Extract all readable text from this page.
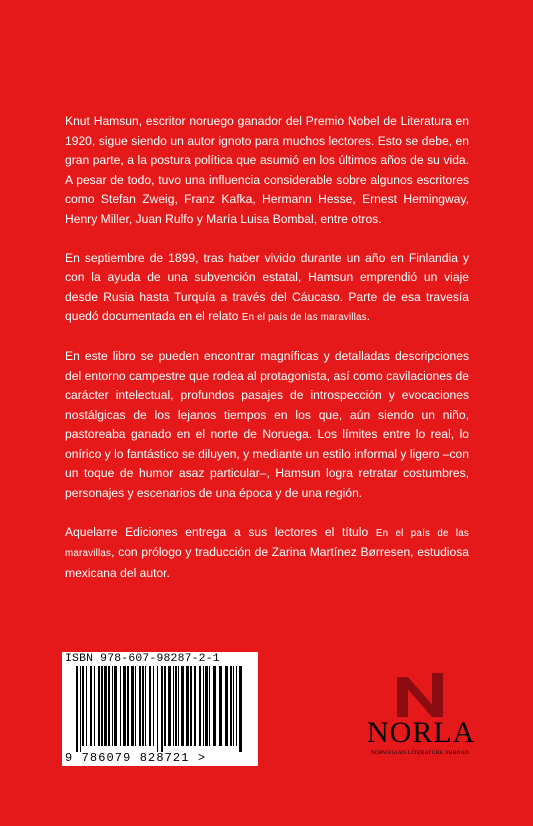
Knut Hamsun, escritor noruego ganador del Premio Nobel de Literatura en 1920, sigue siendo un autor ignoto para muchos lectores. Esto se debe, en gran parte, a la postura política que asumió en los últimos años de su vida. A pesar de todo, tuvo una influencia considerable sobre algunos escritores como Stefan Zweig, Franz Kafka, Hermann Hesse, Ernest Hemingway, Henry Miller, Juan Rulfo y María Luisa Bombal, entre otros.

En septiembre de 1899, tras haber vivido durante un año en Finlandia y con la ayuda de una subvención estatal, Hamsun emprendió un viaje desde Rusia hasta Turquía a través del Cáucaso. Parte de esa travesía quedó documentada en el relato En el país de las maravillas.

En este libro se pueden encontrar magníficas y detalladas descripciones del entorno campestre que rodea al protagonista, así como cavilaciones de carácter intelectual, profundos pasajes de introspección y evocaciones nostálgicas de los lejanos tiempos en los que, aún siendo un niño, pastoreaba ganado en el norte de Noruega. Los límites entre lo real, lo onírico y lo fantástico se diluyen, y mediante un estilo informal y ligero –con un toque de humor asaz particular–, Hamsun logra retratar costumbres, personajes y escenarios de una época y de una región.

Aquelarre Ediciones entrega a sus lectores el título En el país de las maravillas, con prólogo y traducción de Zarina Martínez Børresen, estudiosa mexicana del autor.

ISBN 978-607-98287-2-1
9 786079 828721 >
NORLA
NORWEGIAN LITERATURE ABROAD
